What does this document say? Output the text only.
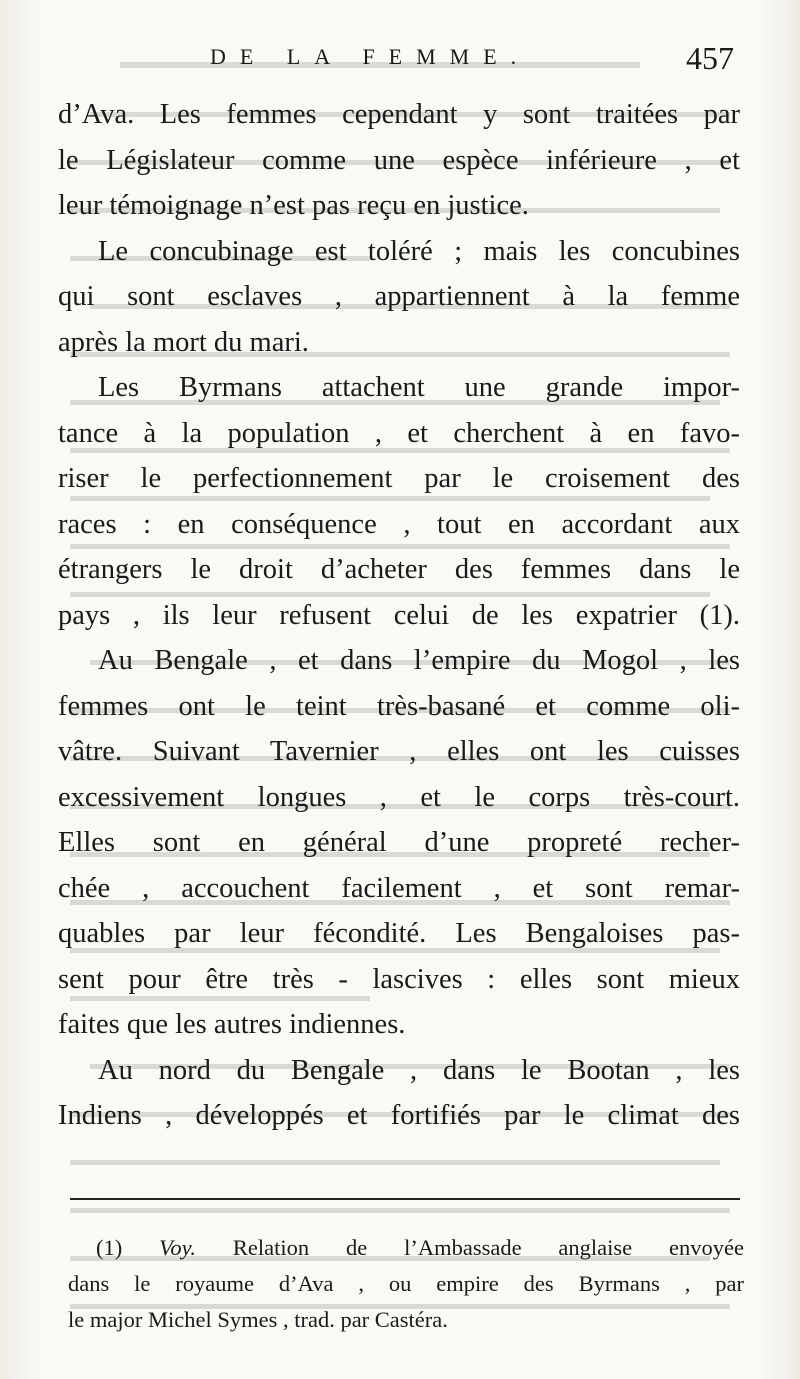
DE LA FEMME.	457
d’Ava. Les femmes cependant y sont traitées par
le Législateur comme une espèce inférieure , et
leur témoignage n’est pas reçu en justice.
Le concubinage est toléré ; mais les concubines
qui sont esclaves , appartiennent à la femme
après la mort du mari.
Les Byrmans attachent une grande impor-
tance à la population , et cherchent à en favo-
riser le perfectionnement par le croisement des
races : en conséquence , tout en accordant aux
étrangers le droit d’acheter des femmes dans le
pays , ils leur refusent celui de les expatrier (1).
Au Bengale , et dans l’empire du Mogol , les
femmes ont le teint très-basané et comme oli-
vâtre. Suivant Tavernier , elles ont les cuisses
excessivement longues , et le corps très-court.
Elles sont en général d’une propreté recher-
chée , accouchent facilement , et sont remar-
quables par leur fécondité. Les Bengaloises pas-
sent pour être très - lascives : elles sont mieux
faites que les autres indiennes.
Au nord du Bengale , dans le Bootan , les
Indiens , développés et fortifiés par le climat des
(1) Voy. Relation de l’Ambassade anglaise envoyée
dans le royaume d’Ava , ou empire des Byrmans , par
le major Michel Symes , trad. par Castéra.
